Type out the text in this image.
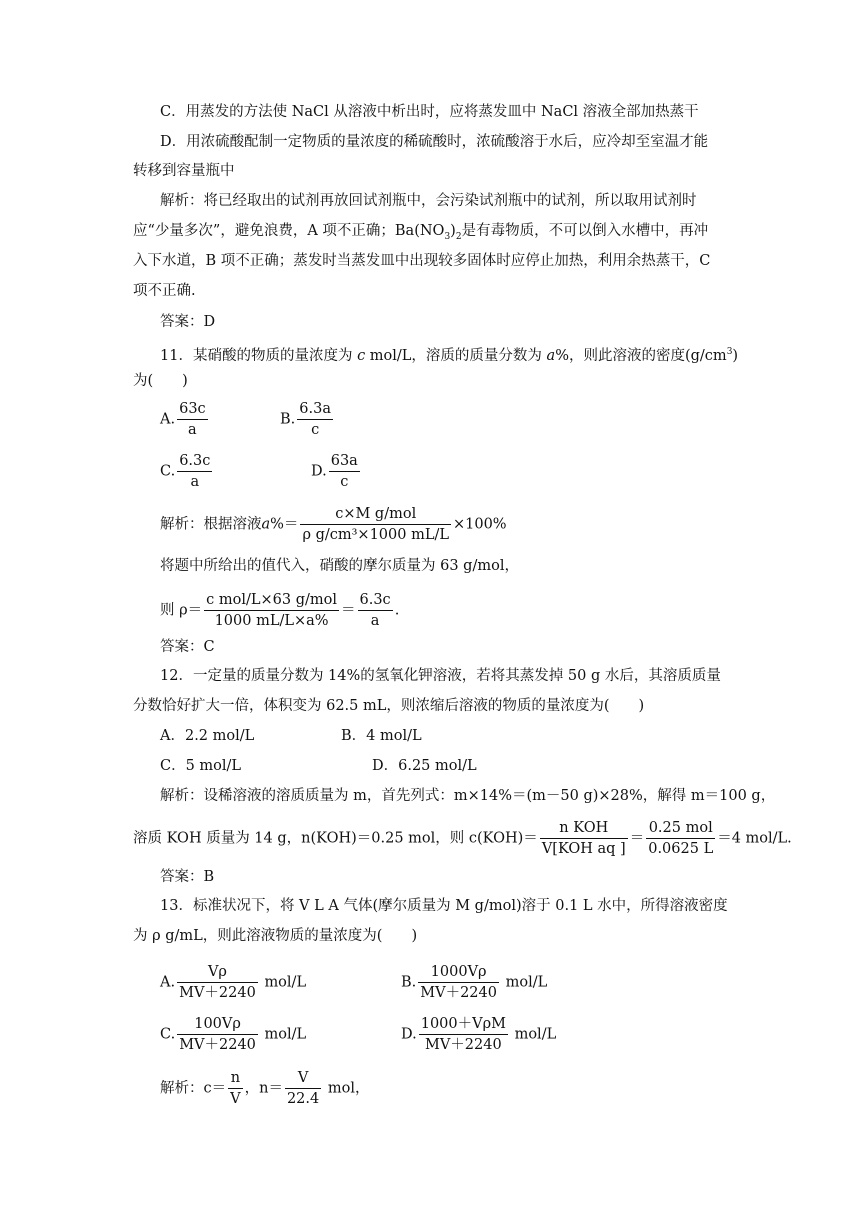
C．用蒸发的方法使 NaCl 从溶液中析出时，应将蒸发皿中 NaCl 溶液全部加热蒸干
D．用浓硫酸配制一定物质的量浓度的稀硫酸时，浓硫酸溶于水后，应冷却至室温才能
转移到容量瓶中
解析：将已经取出的试剂再放回试剂瓶中，会污染试剂瓶中的试剂，所以取用试剂时
应“少量多次”，避免浪费，A 项不正确；$Ba(NO_3)_2$是有毒物质，不可以倒入水槽中，再冲
入下水道，B 项不正确；蒸发时当蒸发皿中出现较多固体时应停止加热，利用余热蒸干，C
项不正确.
答案：D
11．某硝酸的物质的量浓度为 c mol/L，溶质的质量分数为 a%，则此溶液的密度$(g/cm^3)$
为(　　)
A. $\frac{63c}{a}$	B. $\frac{6.3a}{c}$
C. $\frac{6.3c}{a}$	D. $\frac{63a}{c}$
解析：根据溶液$a\%= \frac{\text{c×M g/mol}}{\text{ρ g/cm³×1000 mL/L}} \times 100\%$
将题中所给出的值代入，硝酸的摩尔质量为 63 g/mol，
则 $\rho= \frac{\text{c mol/L×63 g/mol}}{1000 mL/L\times a\%} = \frac{6.3c}{a}$ .
答案：C
12．一定量的质量分数为 14%的氢氧化钾溶液，若将其蒸发掉 50 g 水后，其溶质质量
分数恰好扩大一倍，体积变为 62.5 mL，则浓缩后溶液的物质的量浓度为(　　)
A．2.2 mol/L	B．4 mol/L
C．5 mol/L	D．6.25 mol/L
解析：设稀溶液的溶质质量为 m，首先列式：m×14%＝(m－50 g)×28%，解得 m＝100 g，
溶质 KOH 质量为 14 g，n(KOH)＝0.25 mol，则 $c(KOH)= \frac{\text{n KOH}}{\text{V[KOH aq ]}} = \frac{\text{0.25 mol}}{0.0625 L} =4$ mol/L.
答案：B
13．标准状况下，将 V L A 气体(摩尔质量为 M g/mol)溶于 0.1 L 水中，所得溶液密度
为 ρ g/mL，则此溶液物质的量浓度为(　　)
A. $\frac{V\rho}{MV+2240} mol/L$	B. $\frac{1000V\rho}{MV+2240} mol/L$
C. $\frac{100V\rho}{MV+2240} mol/L$	D. $\frac{\text{1000＋VρM}}{MV+2240} mol/L$
解析：$c= \frac{n}{V}$ ，$n= \frac{V}{22.4}$ mol，
